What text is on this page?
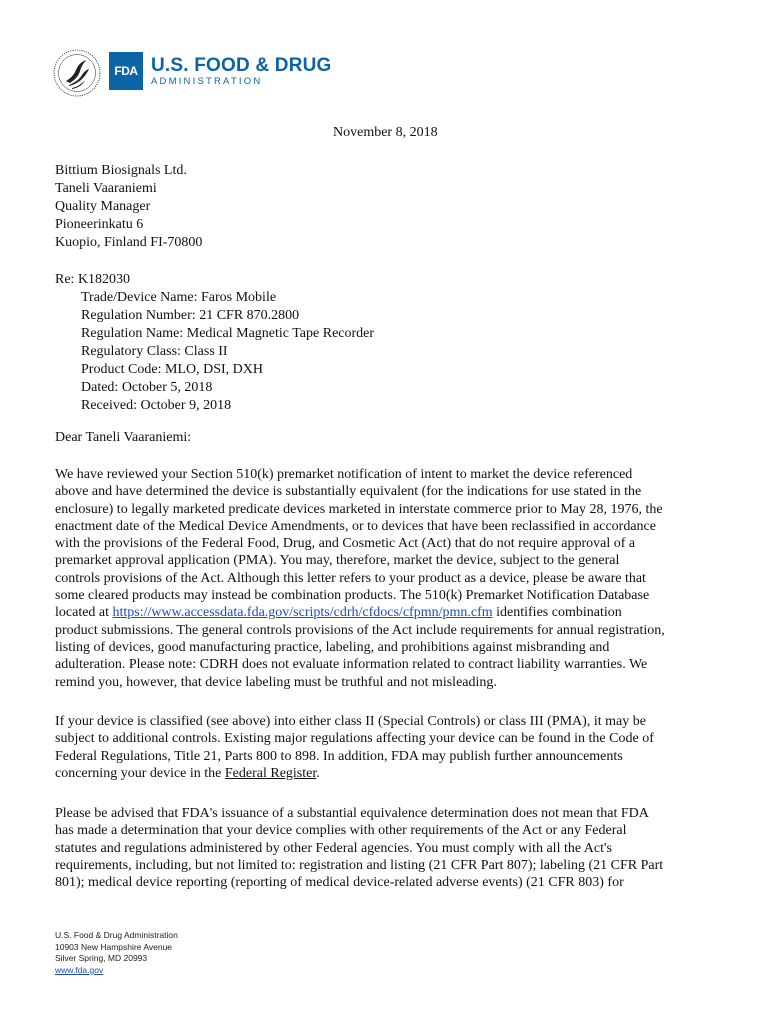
FDA U.S. FOOD & DRUG
ADMINISTRATION
November 8, 2018
Bittium Biosignals Ltd.
Taneli Vaaraniemi
Quality Manager
Pioneerinkatu 6
Kuopio, Finland FI-70800
Re: K182030
Trade/Device Name: Faros Mobile
Regulation Number: 21 CFR 870.2800
Regulation Name: Medical Magnetic Tape Recorder
Regulatory Class: Class II
Product Code: MLO, DSI, DXH
Dated: October 5, 2018
Received: October 9, 2018
Dear Taneli Vaaraniemi:

We have reviewed your Section 510(k) premarket notification of intent to market the device referenced
above and have determined the device is substantially equivalent (for the indications for use stated in the
enclosure) to legally marketed predicate devices marketed in interstate commerce prior to May 28, 1976, the
enactment date of the Medical Device Amendments, or to devices that have been reclassified in accordance
with the provisions of the Federal Food, Drug, and Cosmetic Act (Act) that do not require approval of a
premarket approval application (PMA). You may, therefore, market the device, subject to the general
controls provisions of the Act. Although this letter refers to your product as a device, please be aware that
some cleared products may instead be combination products. The 510(k) Premarket Notification Database
located at https://www.accessdata.fda.gov/scripts/cdrh/cfdocs/cfpmn/pmn.cfm identifies combination
product submissions. The general controls provisions of the Act include requirements for annual registration,
listing of devices, good manufacturing practice, labeling, and prohibitions against misbranding and
adulteration. Please note: CDRH does not evaluate information related to contract liability warranties. We
remind you, however, that device labeling must be truthful and not misleading.

If your device is classified (see above) into either class II (Special Controls) or class III (PMA), it may be
subject to additional controls. Existing major regulations affecting your device can be found in the Code of
Federal Regulations, Title 21, Parts 800 to 898. In addition, FDA may publish further announcements
concerning your device in the Federal Register.

Please be advised that FDA's issuance of a substantial equivalence determination does not mean that FDA
has made a determination that your device complies with other requirements of the Act or any Federal
statutes and regulations administered by other Federal agencies. You must comply with all the Act's
requirements, including, but not limited to: registration and listing (21 CFR Part 807); labeling (21 CFR Part
801); medical device reporting (reporting of medical device-related adverse events) (21 CFR 803) for

U.S. Food & Drug Administration
10903 New Hampshire Avenue
Silver Spring, MD 20993
www.fda.gov
